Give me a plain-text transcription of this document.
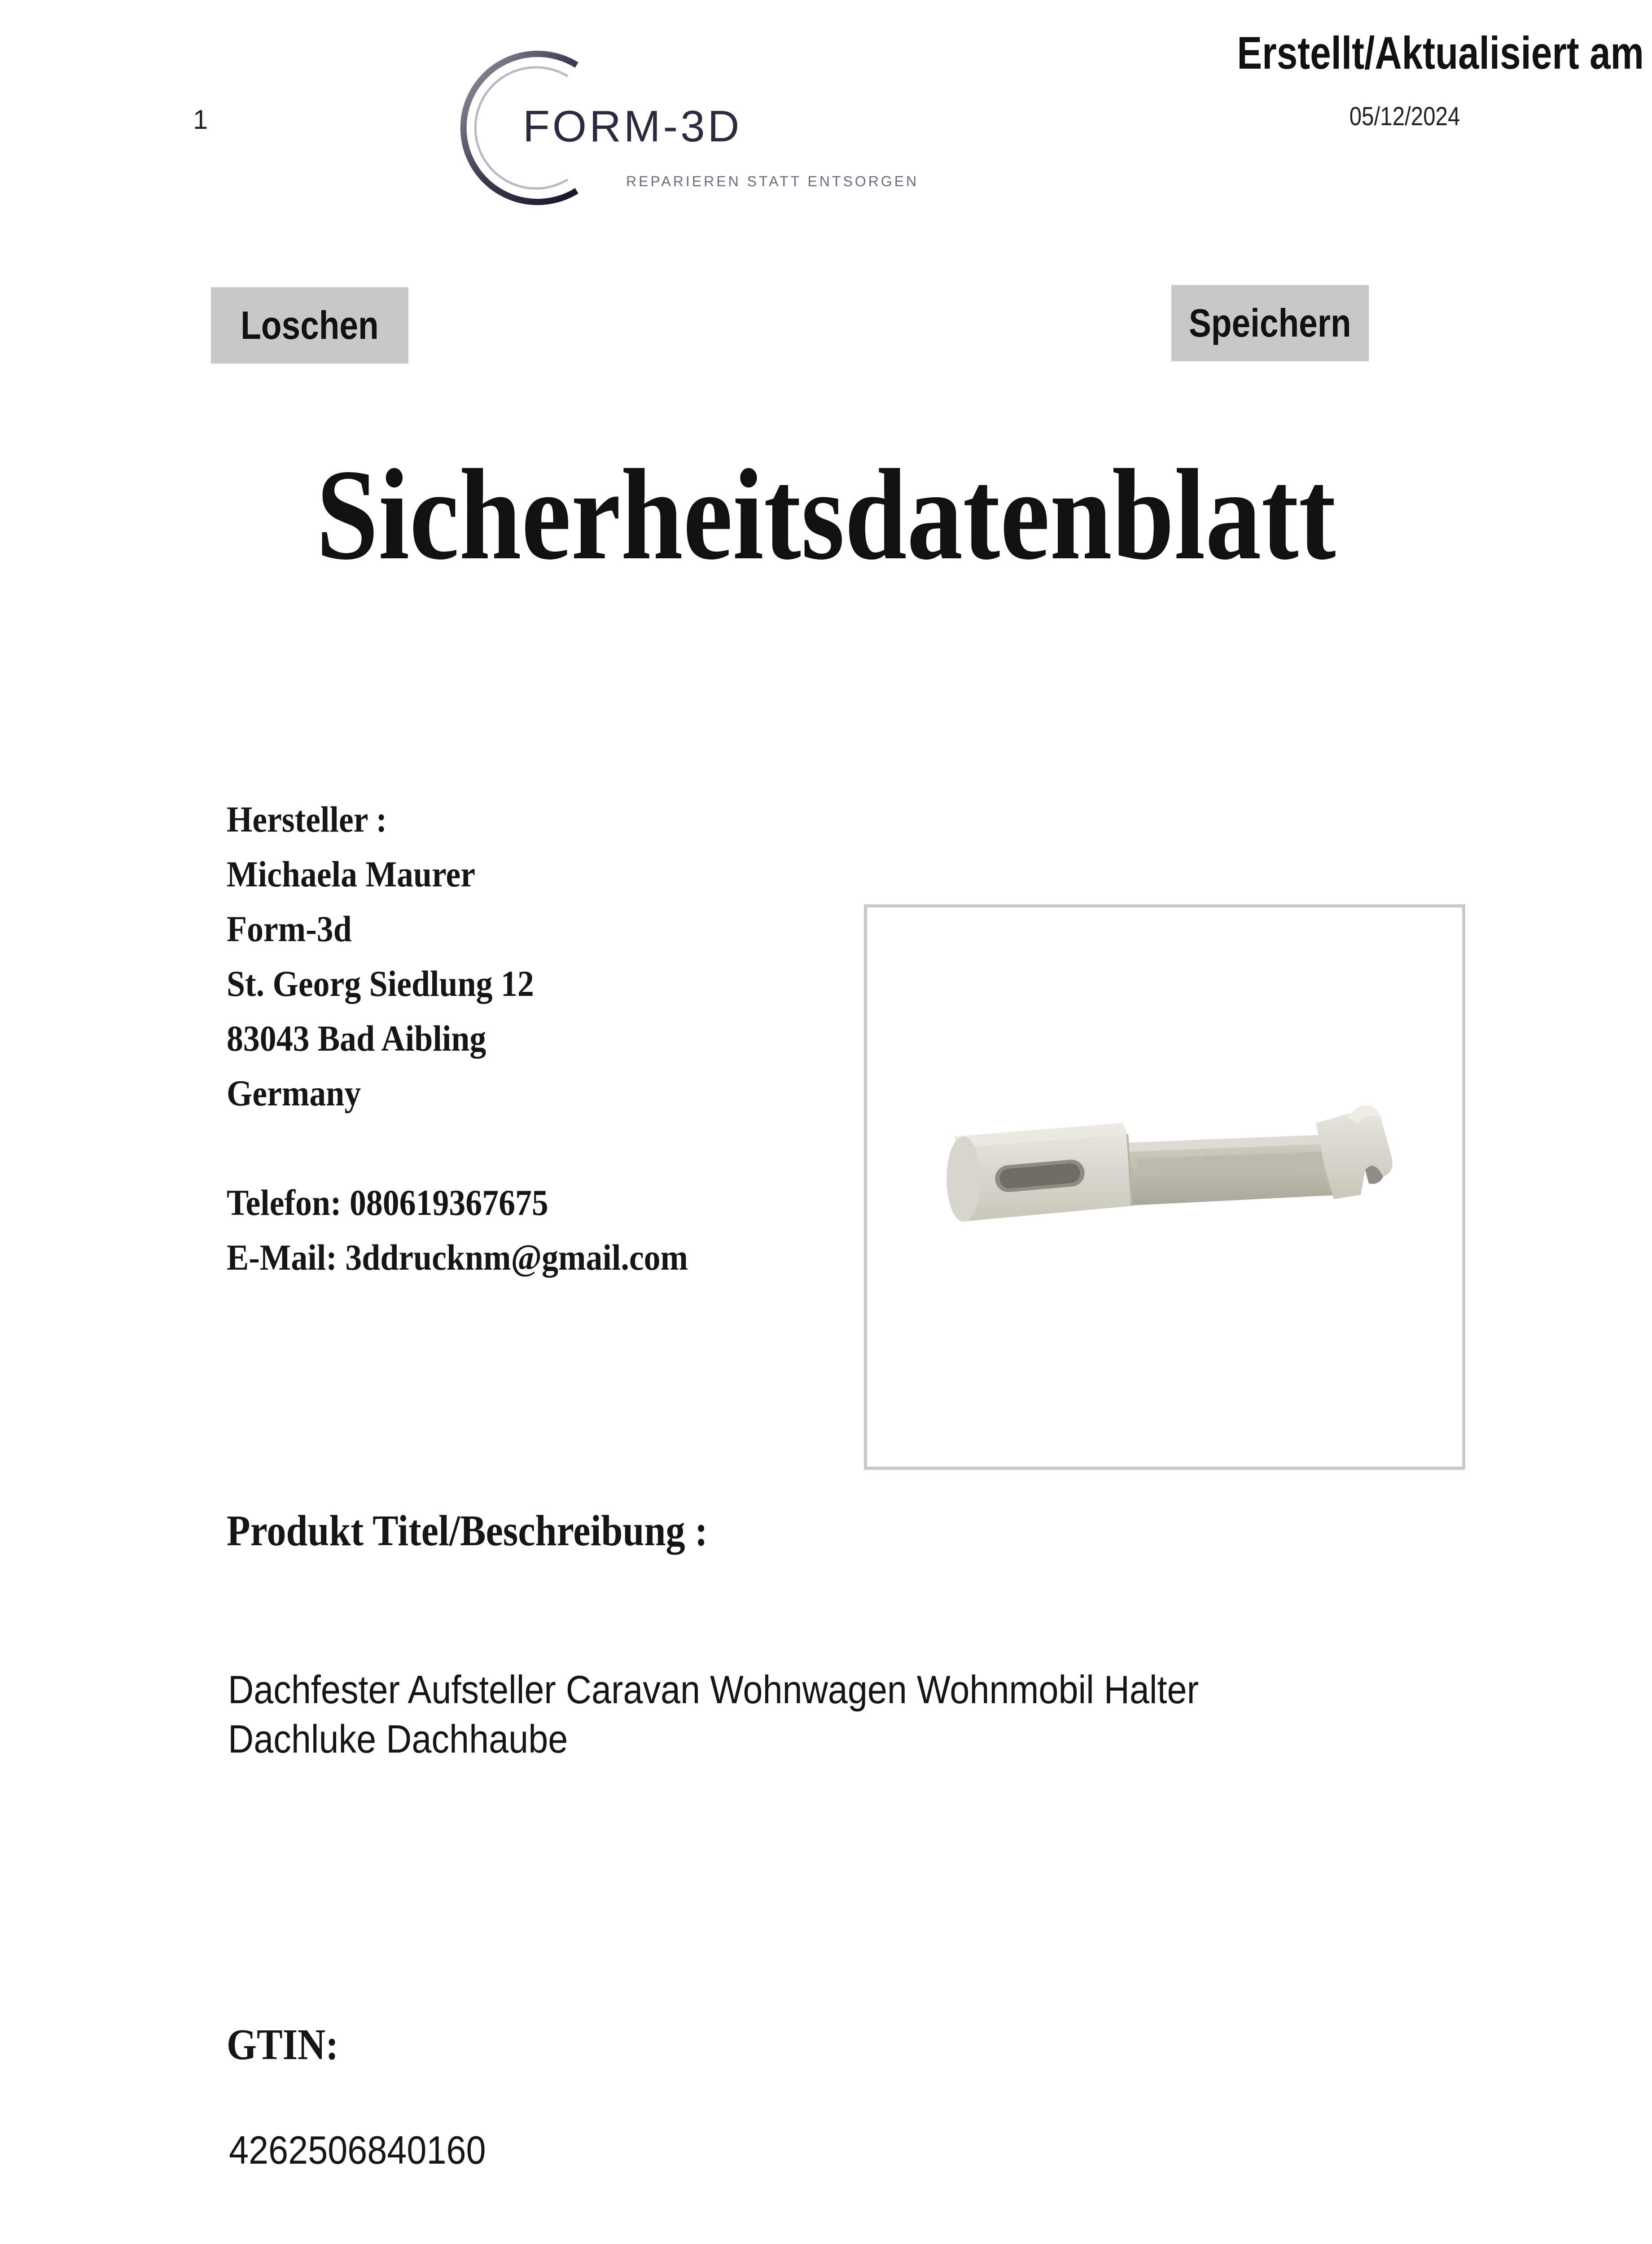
1	FORM-3D
REPARIEREN STATT ENTSORGEN
Erstellt/Aktualisiert am
05/12/2024
Loschen	Speichern
Sicherheitsdatenblatt
Hersteller :
Michaela Maurer
Form-3d
St. Georg Siedlung 12
83043 Bad Aibling
Germany
Telefon: 080619367675
E-Mail: 3ddrucknm@gmail.com
Produkt Titel/Beschreibung :
Dachfester Aufsteller Caravan Wohnwagen Wohnmobil Halter Dachluke Dachhaube
GTIN:
4262506840160
